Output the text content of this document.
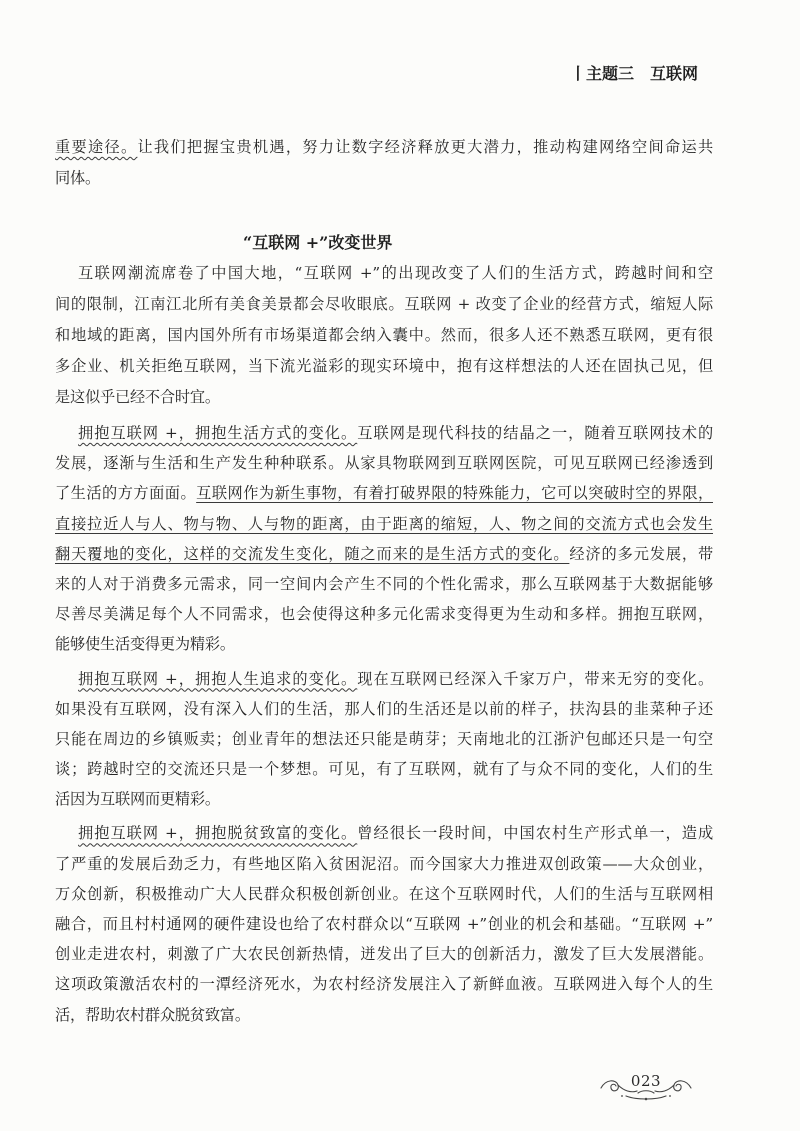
丨主题三 互联网
重要途径。让我们把握宝贵机遇，努力让数字经济释放更大潜力，推动构建网络空间命运共
同体。
“互联网 +”改变世界
互联网潮流席卷了中国大地，“互联网 +”的出现改变了人们的生活方式，跨越时间和空
间的限制，江南江北所有美食美景都会尽收眼底。互联网 + 改变了企业的经营方式，缩短人际
和地域的距离，国内国外所有市场渠道都会纳入囊中。然而，很多人还不熟悉互联网，更有很
多企业、机关拒绝互联网，当下流光溢彩的现实环境中，抱有这样想法的人还在固执己见，但
是这似乎已经不合时宜。
拥抱互联网 +，拥抱生活方式的变化。互联网是现代科技的结晶之一，随着互联网技术的
发展，逐渐与生活和生产发生种种联系。从家具物联网到互联网医院，可见互联网已经渗透到
了生活的方方面面。互联网作为新生事物，有着打破界限的特殊能力，它可以突破时空的界限，
直接拉近人与人、物与物、人与物的距离，由于距离的缩短，人、物之间的交流方式也会发生
翻天覆地的变化，这样的交流发生变化，随之而来的是生活方式的变化。经济的多元发展，带
来的人对于消费多元需求，同一空间内会产生不同的个性化需求，那么互联网基于大数据能够
尽善尽美满足每个人不同需求，也会使得这种多元化需求变得更为生动和多样。拥抱互联网，
能够使生活变得更为精彩。
拥抱互联网 +，拥抱人生追求的变化。现在互联网已经深入千家万户，带来无穷的变化。
如果没有互联网，没有深入人们的生活，那人们的生活还是以前的样子，扶沟县的韭菜种子还
只能在周边的乡镇贩卖；创业青年的想法还只能是萌芽；天南地北的江浙沪包邮还只是一句空
谈；跨越时空的交流还只是一个梦想。可见，有了互联网，就有了与众不同的变化，人们的生
活因为互联网而更精彩。
拥抱互联网 +，拥抱脱贫致富的变化。曾经很长一段时间，中国农村生产形式单一，造成
了严重的发展后劲乏力，有些地区陷入贫困泥沼。而今国家大力推进双创政策——大众创业，
万众创新，积极推动广大人民群众积极创新创业。在这个互联网时代，人们的生活与互联网相
融合，而且村村通网的硬件建设也给了农村群众以“互联网 +”创业的机会和基础。“互联网 +”
创业走进农村，刺激了广大农民创新热情，迸发出了巨大的创新活力，激发了巨大发展潜能。
这项政策激活农村的一潭经济死水，为农村经济发展注入了新鲜血液。互联网进入每个人的生
活，帮助农村群众脱贫致富。
023
